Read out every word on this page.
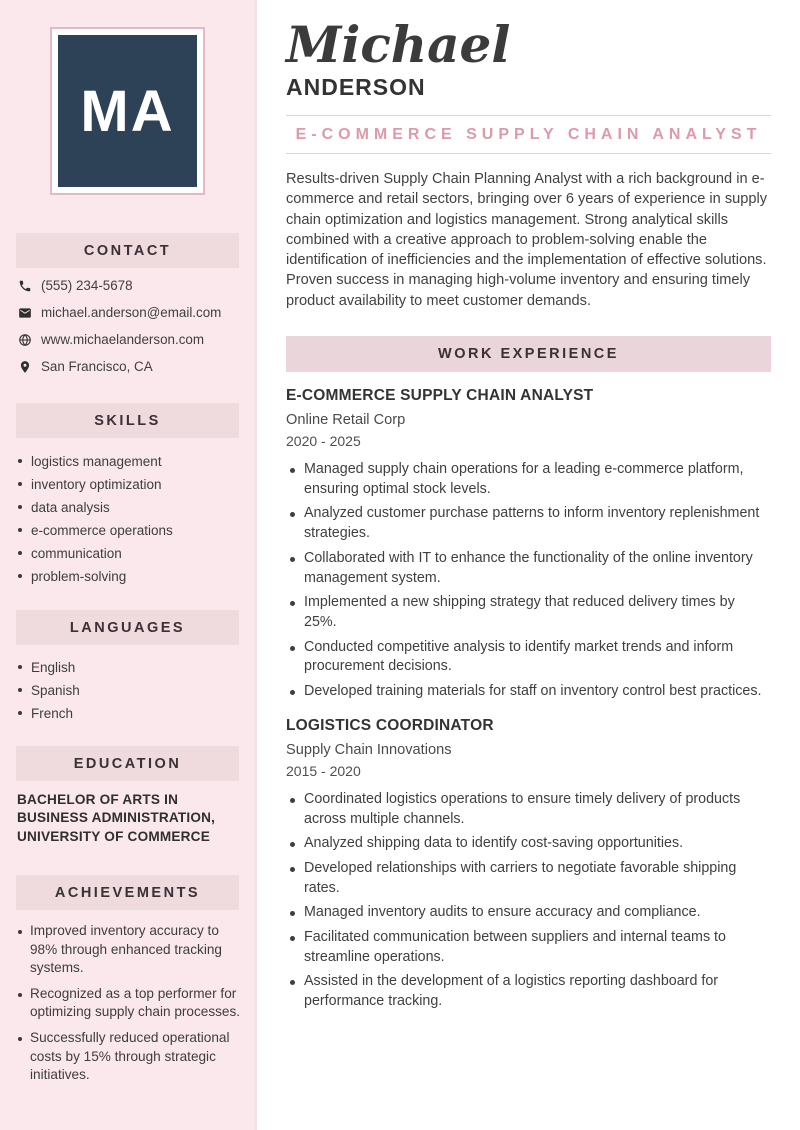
MA
CONTACT
(555) 234-5678
michael.anderson@email.com
www.michaelanderson.com
San Francisco, CA
SKILLS
logistics management
inventory optimization
data analysis
e-commerce operations
communication
problem-solving
LANGUAGES
English
Spanish
French
EDUCATION
BACHELOR OF ARTS IN BUSINESS ADMINISTRATION, UNIVERSITY OF COMMERCE
ACHIEVEMENTS
Improved inventory accuracy to 98% through enhanced tracking systems.
Recognized as a top performer for optimizing supply chain processes.
Successfully reduced operational costs by 15% through strategic initiatives.
Michael
ANDERSON
E-COMMERCE SUPPLY CHAIN ANALYST

Results-driven Supply Chain Planning Analyst with a rich background in e-commerce and retail sectors, bringing over 6 years of experience in supply chain optimization and logistics management. Strong analytical skills combined with a creative approach to problem-solving enable the identification of inefficiencies and the implementation of effective solutions. Proven success in managing high-volume inventory and ensuring timely product availability to meet customer demands.

WORK EXPERIENCE
E-COMMERCE SUPPLY CHAIN ANALYST
Online Retail Corp
2020 - 2025
Managed supply chain operations for a leading e-commerce platform, ensuring optimal stock levels.
Analyzed customer purchase patterns to inform inventory replenishment strategies.
Collaborated with IT to enhance the functionality of the online inventory management system.
Implemented a new shipping strategy that reduced delivery times by 25%.
Conducted competitive analysis to identify market trends and inform procurement decisions.
Developed training materials for staff on inventory control best practices.
LOGISTICS COORDINATOR
Supply Chain Innovations
2015 - 2020
Coordinated logistics operations to ensure timely delivery of products across multiple channels.
Analyzed shipping data to identify cost-saving opportunities.
Developed relationships with carriers to negotiate favorable shipping rates.
Managed inventory audits to ensure accuracy and compliance.
Facilitated communication between suppliers and internal teams to streamline operations.
Assisted in the development of a logistics reporting dashboard for performance tracking.
